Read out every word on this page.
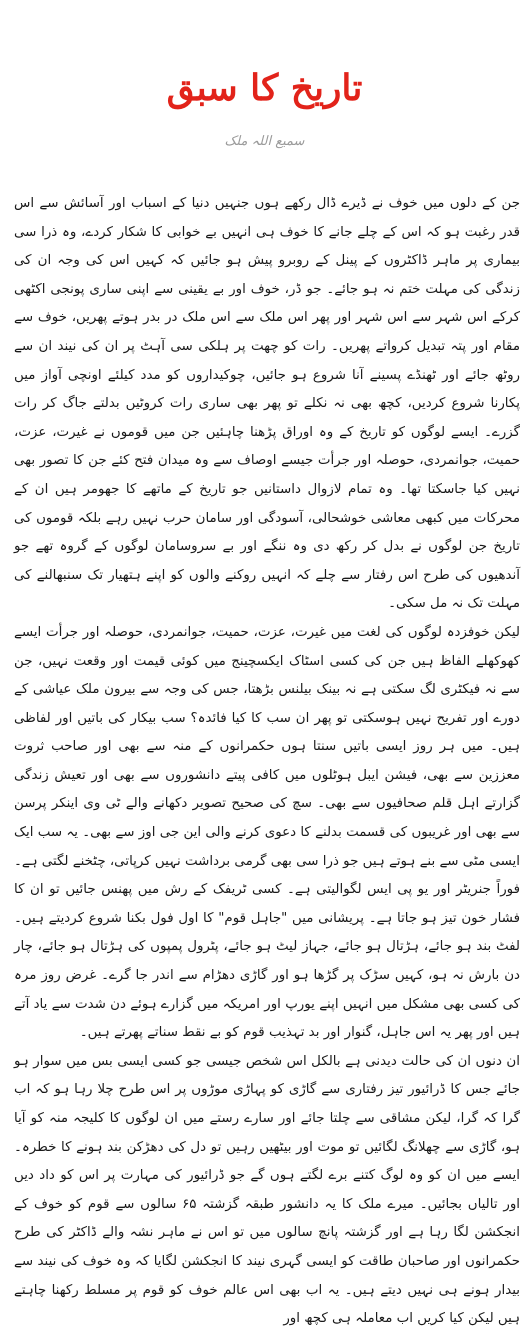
تاریخ کا سبق
سمیع اللہ ملک

جن کے دلوں میں خوف نے ڈیرے ڈال رکھے ہوں جنہیں دنیا کے اسباب اور آسائش سے اس قدر رغبت ہو کہ اس کے چلے جانے کا خوف ہی انہیں بے خوابی کا شکار کردے، وہ ذرا سی بیماری پر ماہر ڈاکٹروں کے پینل کے روبرو پیش ہو جائیں کہ کہیں اس کی وجہ ان کی زندگی کی مہلت ختم نہ ہو جائے۔ جو ڈر، خوف اور بے یقینی سے اپنی ساری پونجی اکٹھی کرکے اس شہر سے اس شہر اور پھر اس ملک سے اس ملک در بدر ہوتے پھریں، خوف سے مقام اور پتہ تبدیل کرواتے پھریں۔ رات کو چھت پر ہلکی سی آہٹ پر ان کی نیند ان سے روٹھ جائے اور ٹھنڈے پسینے آنا شروع ہو جائیں، چوکیداروں کو مدد کیلئے اونچی آواز میں پکارنا شروع کردیں، کچھ بھی نہ نکلے تو پھر بھی ساری رات کروٹیں بدلتے جاگ کر رات گزرے۔ ایسے لوگوں کو تاریخ کے وہ اوراق پڑھنا چاہئیں جن میں قوموں نے غیرت، عزت، حمیت، جوانمردی، حوصلہ اور جرأت جیسے اوصاف سے وہ میدان فتح کئے جن کا تصور بھی نہیں کیا جاسکتا تھا۔ وہ تمام لازوال داستانیں جو تاریخ کے ماتھے کا جھومر ہیں ان کے محرکات میں کبھی معاشی خوشحالی، آسودگی اور سامان حرب نہیں رہے بلکہ قوموں کی تاریخ جن لوگوں نے بدل کر رکھ دی وہ ننگے اور بے سروسامان لوگوں کے گروہ تھے جو آندھیوں کی طرح اس رفتار سے چلے کہ انہیں روکنے والوں کو اپنے ہتھیار تک سنبھالنے کی مہلت تک نہ مل سکی۔

لیکن خوفزدہ لوگوں کی لغت میں غیرت، عزت، حمیت، جوانمردی، حوصلہ اور جرأت ایسے کھوکھلے الفاظ ہیں جن کی کسی اسٹاک ایکسچینج میں کوئی قیمت اور وقعت نہیں، جن سے نہ فیکٹری لگ سکتی ہے نہ بینک بیلنس بڑھتا، جس کی وجہ سے بیرون ملک عیاشی کے دورے اور تفریح نہیں ہوسکتی تو پھر ان سب کا کیا فائدہ؟ سب بیکار کی باتیں اور لفاظی ہیں۔ میں ہر روز ایسی باتیں سنتا ہوں حکمرانوں کے منہ سے بھی اور صاحب ثروت معززین سے بھی، فیشن ایبل ہوٹلوں میں کافی پیتے دانشوروں سے بھی اور تعیش زندگی گزارتے اہل قلم صحافیوں سے بھی۔ سچ کی صحیح تصویر دکھانے والے ٹی وی اینکر پرسن سے بھی اور غریبوں کی قسمت بدلنے کا دعوی کرنے والی این جی اوز سے بھی۔ یہ سب ایک ایسی مٹی سے بنے ہوتے ہیں جو ذرا سی بھی گرمی برداشت نہیں کرپاتی، چٹخنے لگتی ہے۔ فوراً جنریٹر اور یو پی ایس لگوالیتی ہے۔ کسی ٹریفک کے رش میں پھنس جائیں تو ان کا فشار خون تیز ہو جاتا ہے۔ پریشانی میں "جاہل قوم" کا اول فول بکنا شروع کردیتے ہیں۔ لفٹ بند ہو جائے، ہڑتال ہو جائے، جہاز لیٹ ہو جائے، پٹرول پمپوں کی ہڑتال ہو جائے، چار دن بارش نہ ہو، کہیں سڑک پر گڑھا ہو اور گاڑی دھڑام سے اندر جا گرے۔ غرض روز مرہ کی کسی بھی مشکل میں انہیں اپنے یورپ اور امریکہ میں گزارے ہوئے دن شدت سے یاد آتے ہیں اور پھر یہ اس جاہل، گنوار اور بد تہذیب قوم کو بے نقط سناتے پھرتے ہیں۔

ان دنوں ان کی حالت دیدنی ہے بالکل اس شخص جیسی جو کسی ایسی بس میں سوار ہو جائے جس کا ڈرائیور تیز رفتاری سے گاڑی کو پہاڑی موڑوں پر اس طرح چلا رہا ہو کہ اب گرا کہ گرا، لیکن مشاقی سے چلتا جائے اور سارے رستے میں ان لوگوں کا کلیجہ منہ کو آیا ہو، گاڑی سے چھلانگ لگائیں تو موت اور بیٹھیں رہیں تو دل کی دھڑکن بند ہونے کا خطرہ۔ ایسے میں ان کو وہ لوگ کتنے برے لگتے ہوں گے جو ڈرائیور کی مہارت پر اس کو داد دیں اور تالیاں بجائیں۔ میرے ملک کا یہ دانشور طبقہ گزشتہ ۶۵ سالوں سے قوم کو خوف کے انجکشن لگا رہا ہے اور گزشتہ پانچ سالوں میں تو اس نے ماہر نشہ والے ڈاکٹر کی طرح حکمرانوں اور صاحبان طاقت کو ایسی گہری نیند کا انجکشن لگایا کہ وہ خوف کی نیند سے بیدار ہونے ہی نہیں دیتے ہیں۔ یہ اب بھی اس عالم خوف کو قوم پر مسلط رکھنا چاہتے ہیں لیکن کیا کریں اب معاملہ ہی کچھ اور
